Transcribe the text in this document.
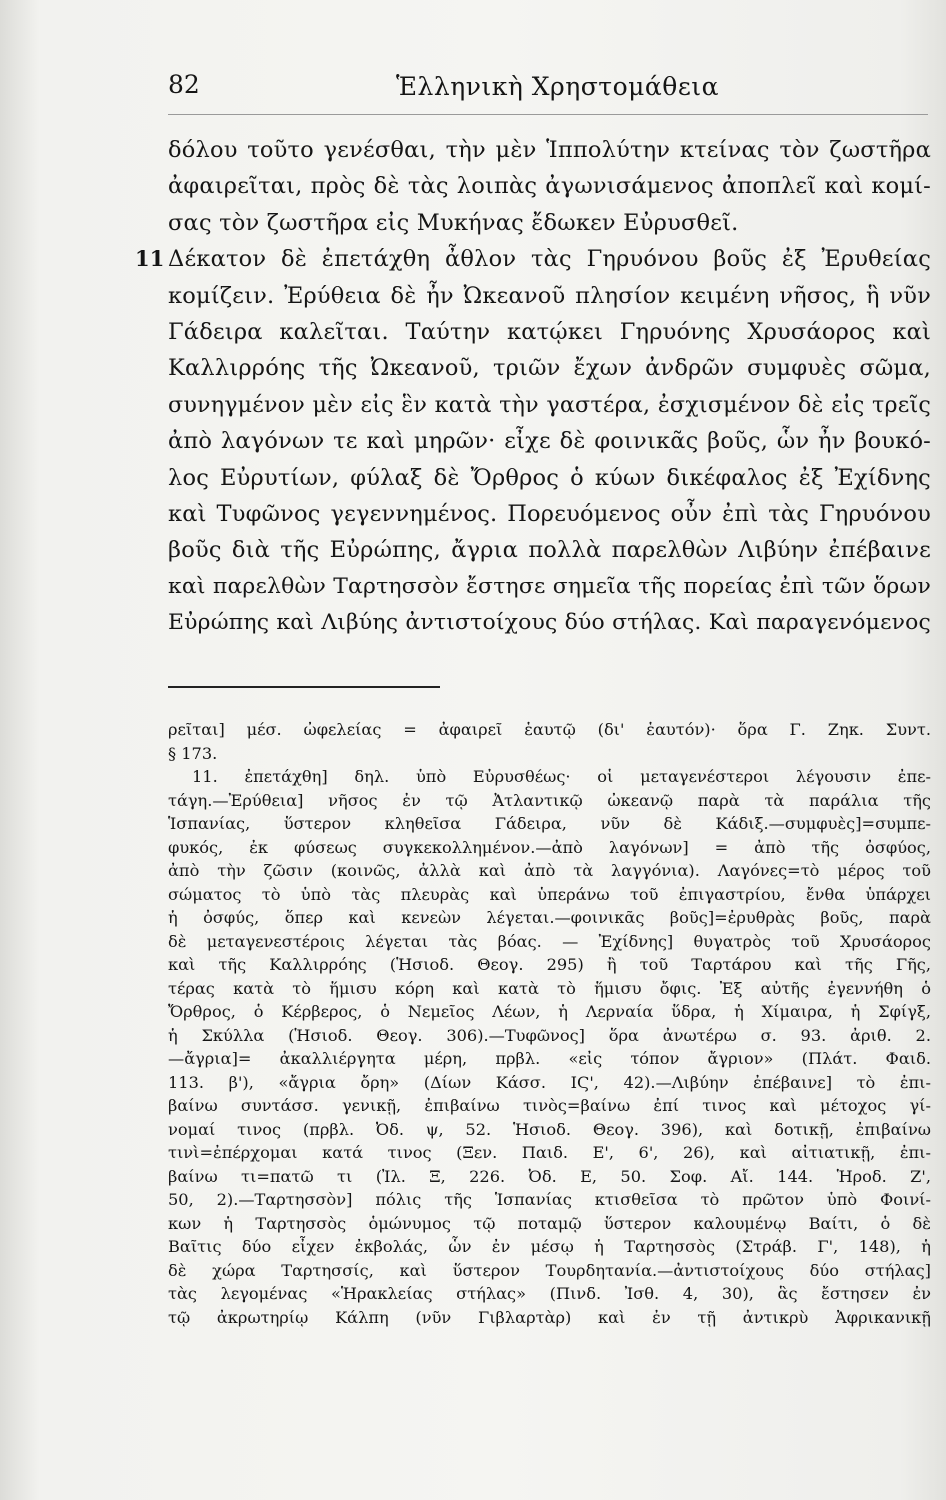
82	Ἑλληνικὴ Χρηστομάθεια
δόλου τοῦτο γενέσθαι, τὴν μὲν Ἱππολύτην κτείνας τὸν ζωστῆρα
ἀφαιρεῖται, πρὸς δὲ τὰς λοιπὰς ἀγωνισάμενος ἀποπλεῖ καὶ κομί-
σας τὸν ζωστῆρα εἰς Μυκήνας ἔδωκεν Εὐρυσθεῖ.
11 Δέκατον δὲ ἐπετάχθη ἆθλον τὰς Γηρυόνου βοῦς ἐξ Ἐρυθείας
κομίζειν. Ἐρύθεια δὲ ἦν Ὠκεανοῦ πλησίον κειμένη νῆσος, ἣ νῦν
Γάδειρα καλεῖται. Ταύτην κατῴκει Γηρυόνης Χρυσάορος καὶ
Καλλιρρόης τῆς Ὠκεανοῦ, τριῶν ἔχων ἀνδρῶν συμφυὲς σῶμα,
συνηγμένον μὲν εἰς ἓν κατὰ τὴν γαστέρα, ἐσχισμένον δὲ εἰς τρεῖς
ἀπὸ λαγόνων τε καὶ μηρῶν· εἶχε δὲ φοινικᾶς βοῦς, ὧν ἦν βουκό-
λος Εὐρυτίων, φύλαξ δὲ Ὄρθρος ὁ κύων δικέφαλος ἐξ Ἐχίδνης
καὶ Τυφῶνος γεγεννημένος. Πορευόμενος οὖν ἐπὶ τὰς Γηρυόνου
βοῦς διὰ τῆς Εὐρώπης, ἄγρια πολλὰ παρελθὼν Λιβύην ἐπέβαινε
καὶ παρελθὼν Ταρτησσὸν ἔστησε σημεῖα τῆς πορείας ἐπὶ τῶν ὅρων
Εὐρώπης καὶ Λιβύης ἀντιστοίχους δύο στήλας. Καὶ παραγενόμενος
ρεῖται] μέσ. ὠφελείας = ἀφαιρεῖ ἑαυτῷ (δι' ἑαυτόν)· ὅρα Γ. Ζηκ. Συντ.
§ 173.
11. ἐπετάχθη] δηλ. ὑπὸ Εὐρυσθέως· οἱ μεταγενέστεροι λέγουσιν ἐπε-
τάγη.—Ἐρύθεια] νῆσος ἐν τῷ Ἀτλαντικῷ ὠκεανῷ παρὰ τὰ παράλια τῆς
Ἱσπανίας, ὕστερον κληθεῖσα Γάδειρα, νῦν δὲ Κάδιξ.—συμφυὲς]=συμπε-
φυκός, ἐκ φύσεως συγκεκολλημένον.—ἀπὸ λαγόνων] = ἀπὸ τῆς ὀσφύος,
ἀπὸ τὴν ζῶσιν (κοινῶς, ἀλλὰ καὶ ἀπὸ τὰ λαγγόνια). Λαγόνες=τὸ μέρος τοῦ
σώματος τὸ ὑπὸ τὰς πλευρὰς καὶ ὑπεράνω τοῦ ἐπιγαστρίου, ἔνθα ὑπάρχει
ἡ ὀσφύς, ὅπερ καὶ κενεὼν λέγεται.—φοινικᾶς βοῦς]=ἐρυθρὰς βοῦς, παρὰ
δὲ μεταγενεστέροις λέγεται τὰς βόας. — Ἐχίδνης] θυγατρὸς τοῦ Χρυσάορος
καὶ τῆς Καλλιρρόης (Ἡσιοδ. Θεογ. 295) ἢ τοῦ Ταρτάρου καὶ τῆς Γῆς,
τέρας κατὰ τὸ ἥμισυ κόρη καὶ κατὰ τὸ ἥμισυ ὄφις. Ἐξ αὐτῆς ἐγεννήθη ὁ
Ὄρθρος, ὁ Κέρβερος, ὁ Νεμεῖος Λέων, ἡ Λερναία ὕδρα, ἡ Χίμαιρα, ἡ Σφίγξ,
ἡ Σκύλλα (Ἡσιοδ. Θεογ. 306).—Τυφῶνος] ὅρα ἀνωτέρω σ. 93. ἀριθ. 2.
—ἄγρια]= ἀκαλλιέργητα μέρη, πρβλ. «εἰς τόπον ἄγριον» (Πλάτ. Φαιδ.
113. β'), «ἄγρια ὄρη» (Δίων Κάσσ. ΙϚ', 42).—Λιβύην ἐπέβαινε] τὸ ἐπι-
βαίνω συντάσσ. γενικῇ, ἐπιβαίνω τινὸς=βαίνω ἐπί τινος καὶ μέτοχος γί-
νομαί τινος (πρβλ. Ὀδ. ψ, 52. Ἡσιοδ. Θεογ. 396), καὶ δοτικῇ, ἐπιβαίνω
τινὶ=ἐπέρχομαι κατά τινος (Ξεν. Παιδ. Ε', 6', 26), καὶ αἰτιατικῇ, ἐπι-
βαίνω τι=πατῶ τι (Ἰλ. Ξ, 226. Ὀδ. Ε, 50. Σοφ. Αἴ. 144. Ἡροδ. Ζ',
50, 2).—Ταρτησσὸν] πόλις τῆς Ἱσπανίας κτισθεῖσα τὸ πρῶτον ὑπὸ Φοινί-
κων ἡ Ταρτησσὸς ὁμώνυμος τῷ ποταμῷ ὕστερον καλουμένῳ Βαίτι, ὁ δὲ
Βαῖτις δύο εἶχεν ἐκβολάς, ὧν ἐν μέσῳ ἡ Ταρτησσὸς (Στράβ. Γ', 148), ἡ
δὲ χώρα Ταρτησσίς, καὶ ὕστερον Τουρδητανία.—ἀντιστοίχους δύο στήλας]
τὰς λεγομένας «Ἡρακλείας στήλας» (Πινδ. Ἰσθ. 4, 30), ἃς ἔστησεν ἐν
τῷ ἀκρωτηρίῳ Κάλπη (νῦν Γιβλαρτὰρ) καὶ ἐν τῇ ἀντικρὺ Ἀφρικανικῇ
